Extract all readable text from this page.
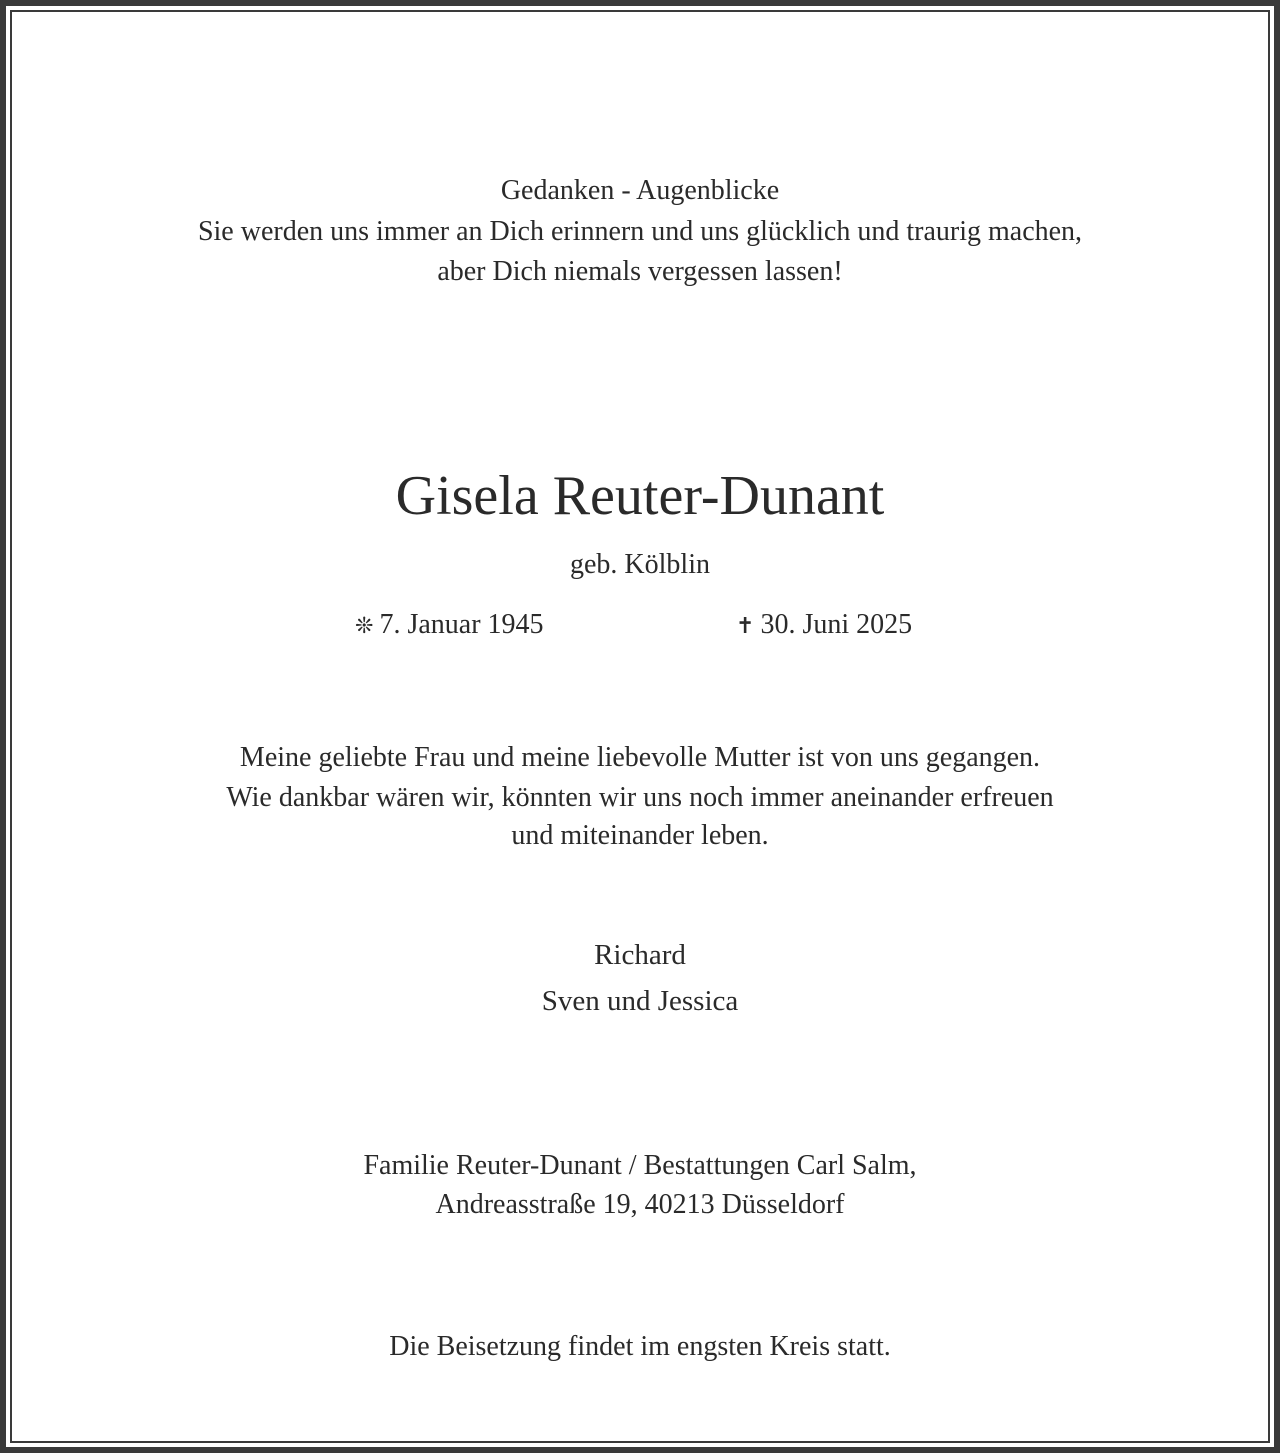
Gedanken - Augenblicke

Sie werden uns immer an Dich erinnern und uns glücklich und traurig machen,

aber Dich niemals vergessen lassen!

Gisela Reuter-Dunant

geb. Kölblin

❊ 7. Januar 1945	✝ 30. Juni 2025

Meine geliebte Frau und meine liebevolle Mutter ist von uns gegangen.

Wie dankbar wären wir, könnten wir uns noch immer aneinander erfreuen

und miteinander leben.

Richard

Sven und Jessica

Familie Reuter-Dunant / Bestattungen Carl Salm,

Andreasstraße 19, 40213 Düsseldorf

Die Beisetzung findet im engsten Kreis statt.
